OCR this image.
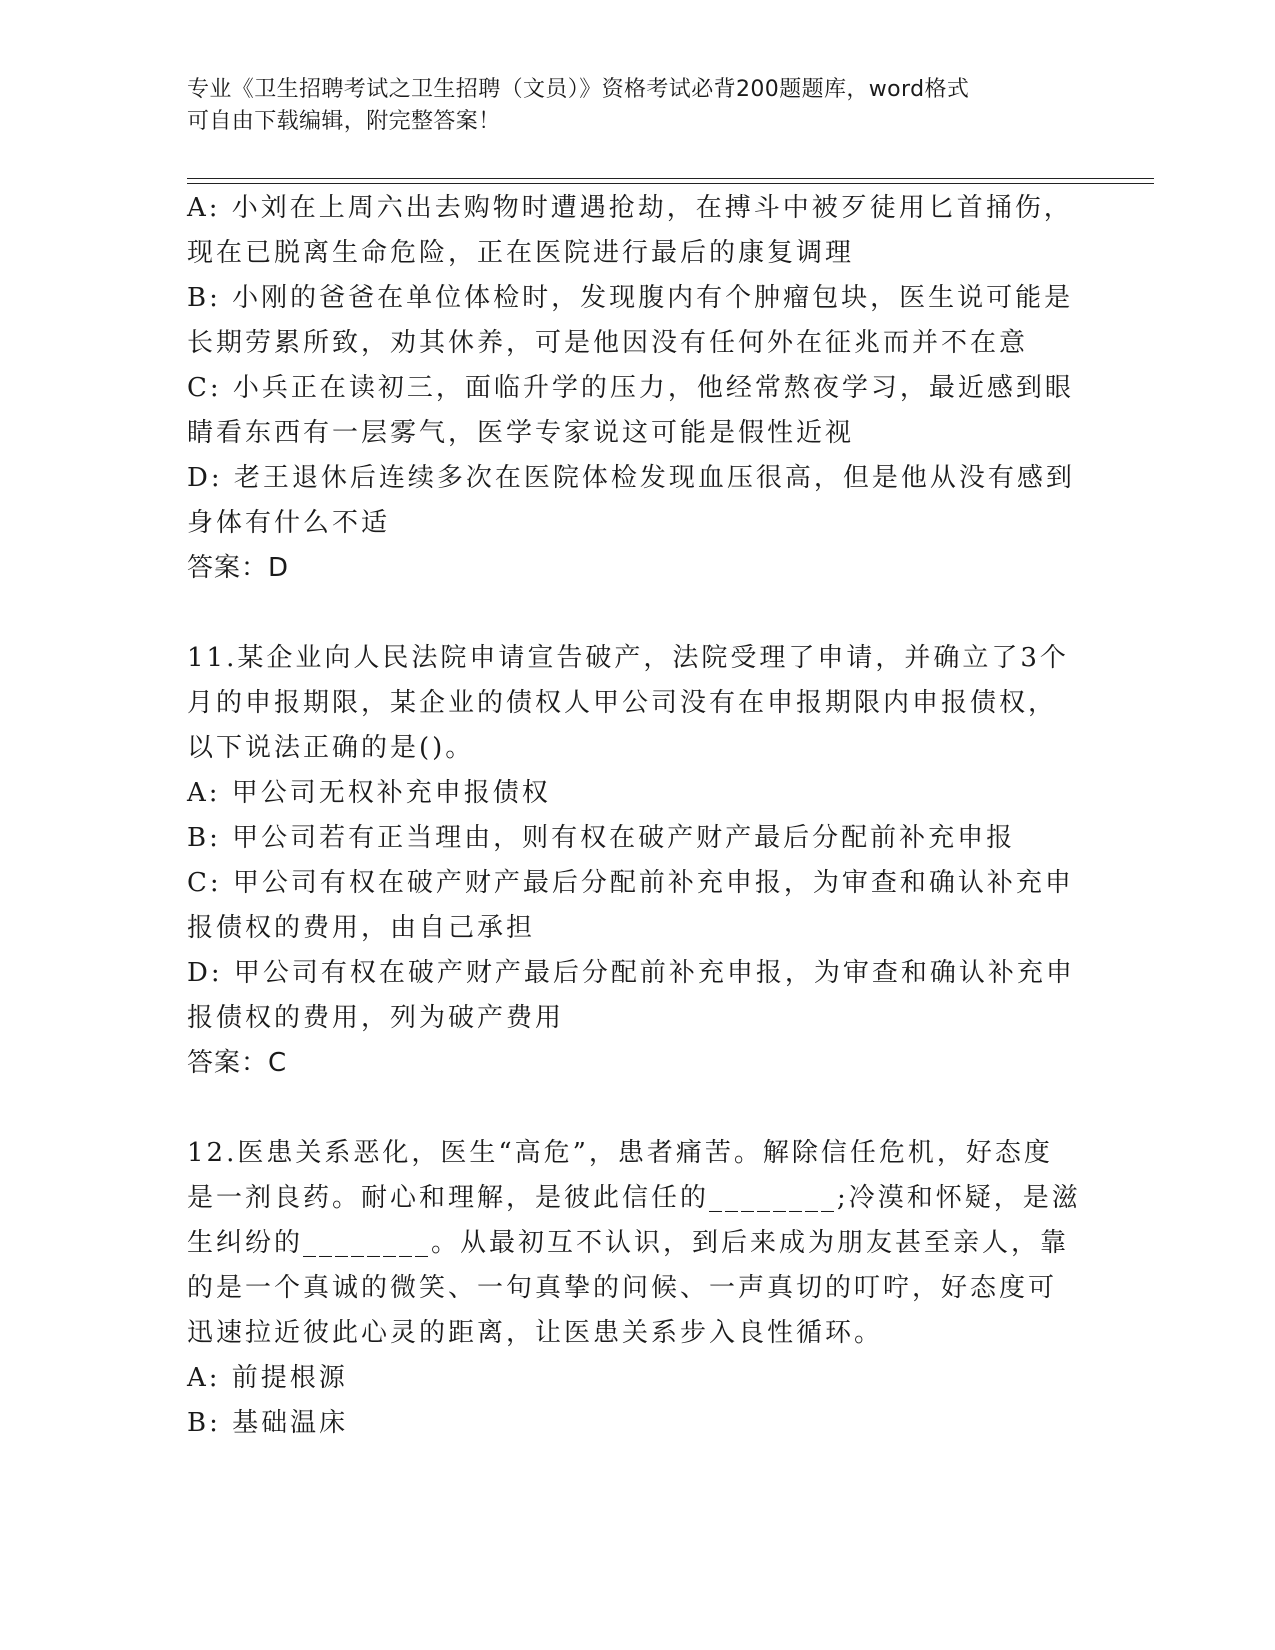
专业《卫生招聘考试之卫生招聘（文员）》资格考试必背200题题库，word格式
可自由下载编辑，附完整答案！
A: 小刘在上周六出去购物时遭遇抢劫，在搏斗中被歹徒用匕首捅伤，
现在已脱离生命危险，正在医院进行最后的康复调理
B: 小刚的爸爸在单位体检时，发现腹内有个肿瘤包块，医生说可能是
长期劳累所致，劝其休养，可是他因没有任何外在征兆而并不在意
C: 小兵正在读初三，面临升学的压力，他经常熬夜学习，最近感到眼
睛看东西有一层雾气，医学专家说这可能是假性近视
D: 老王退休后连续多次在医院体检发现血压很高，但是他从没有感到
身体有什么不适
答案：D
11.某企业向人民法院申请宣告破产，法院受理了申请，并确立了3个
月的申报期限，某企业的债权人甲公司没有在申报期限内申报债权，
以下说法正确的是()。
A: 甲公司无权补充申报债权
B: 甲公司若有正当理由，则有权在破产财产最后分配前补充申报
C: 甲公司有权在破产财产最后分配前补充申报，为审查和确认补充申
报债权的费用，由自己承担
D: 甲公司有权在破产财产最后分配前补充申报，为审查和确认补充申
报债权的费用，列为破产费用
答案：C
12.医患关系恶化，医生“高危”，患者痛苦。解除信任危机，好态度
是一剂良药。耐心和理解，是彼此信任的________;冷漠和怀疑，是滋
生纠纷的________。从最初互不认识，到后来成为朋友甚至亲人，靠
的是一个真诚的微笑、一句真挚的问候、一声真切的叮咛，好态度可
迅速拉近彼此心灵的距离，让医患关系步入良性循环。
A: 前提根源
B: 基础温床
